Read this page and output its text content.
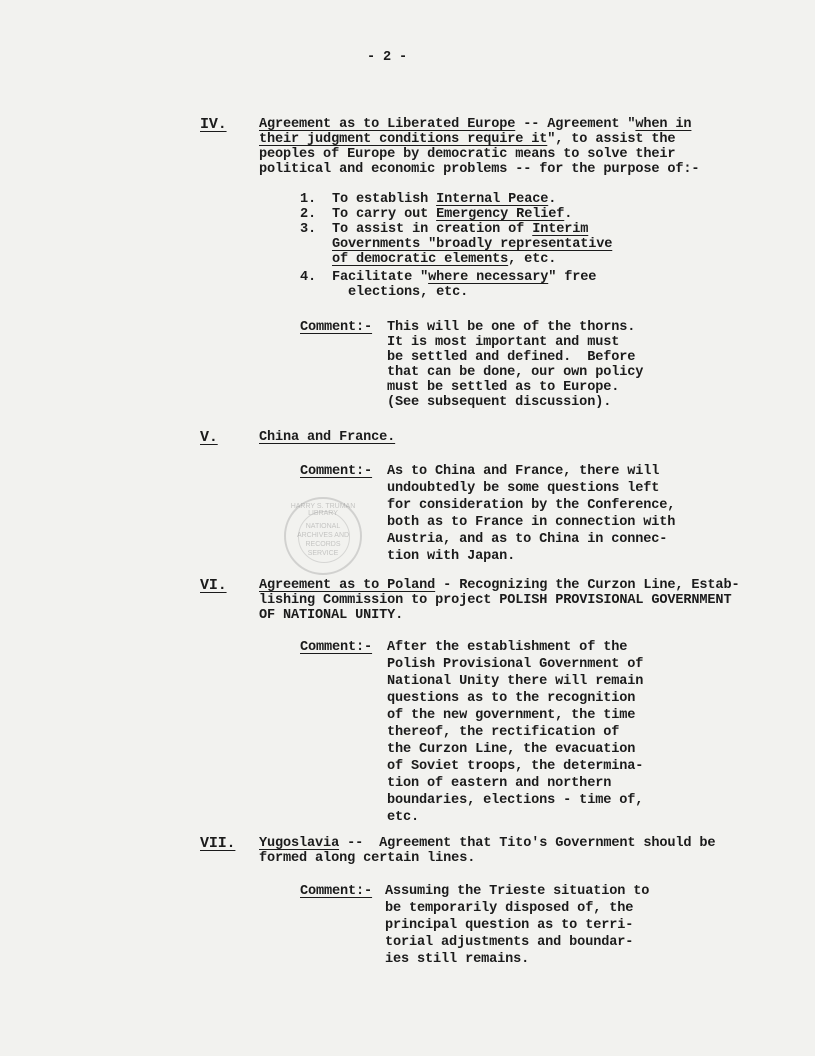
- 2 -
IV. Agreement as to Liberated Europe -- Agreement "when in
their judgment conditions require it", to assist the
peoples of Europe by democratic means to solve their
political and economic problems -- for the purpose of:-
1. To establish Internal Peace.
2. To carry out Emergency Relief.
3. To assist in creation of Interim
Governments "broadly representative
of democratic elements, etc.
4. Facilitate "where necessary" free
elections, etc.
Comment:- This will be one of the thorns.
It is most important and must
be settled and defined.  Before
that can be done, our own policy
must be settled as to Europe.
(See subsequent discussion).
V.	China and France.
Comment:- As to China and France, there will
undoubtedly be some questions left
for consideration by the Conference,
both as to France in connection with
Austria, and as to China in connec-
tion with Japan.
HARRY S. TRUMAN LIBRARY
NATIONAL
ARCHIVES AND
RECORDS
SERVICE
VI. Agreement as to Poland - Recognizing the Curzon Line, Estab-
lishing Commission to project POLISH PROVISIONAL GOVERNMENT
OF NATIONAL UNITY.
Comment:- After the establishment of the
Polish Provisional Government of
National Unity there will remain
questions as to the recognition
of the new government, the time
thereof, the rectification of
the Curzon Line, the evacuation
of Soviet troops, the determina-
tion of eastern and northern
boundaries, elections - time of,
etc.
VII. Yugoslavia --  Agreement that Tito's Government should be
formed along certain lines.
Comment:- Assuming the Trieste situation to
be temporarily disposed of, the
principal question as to terri-
torial adjustments and boundar-
ies still remains.
